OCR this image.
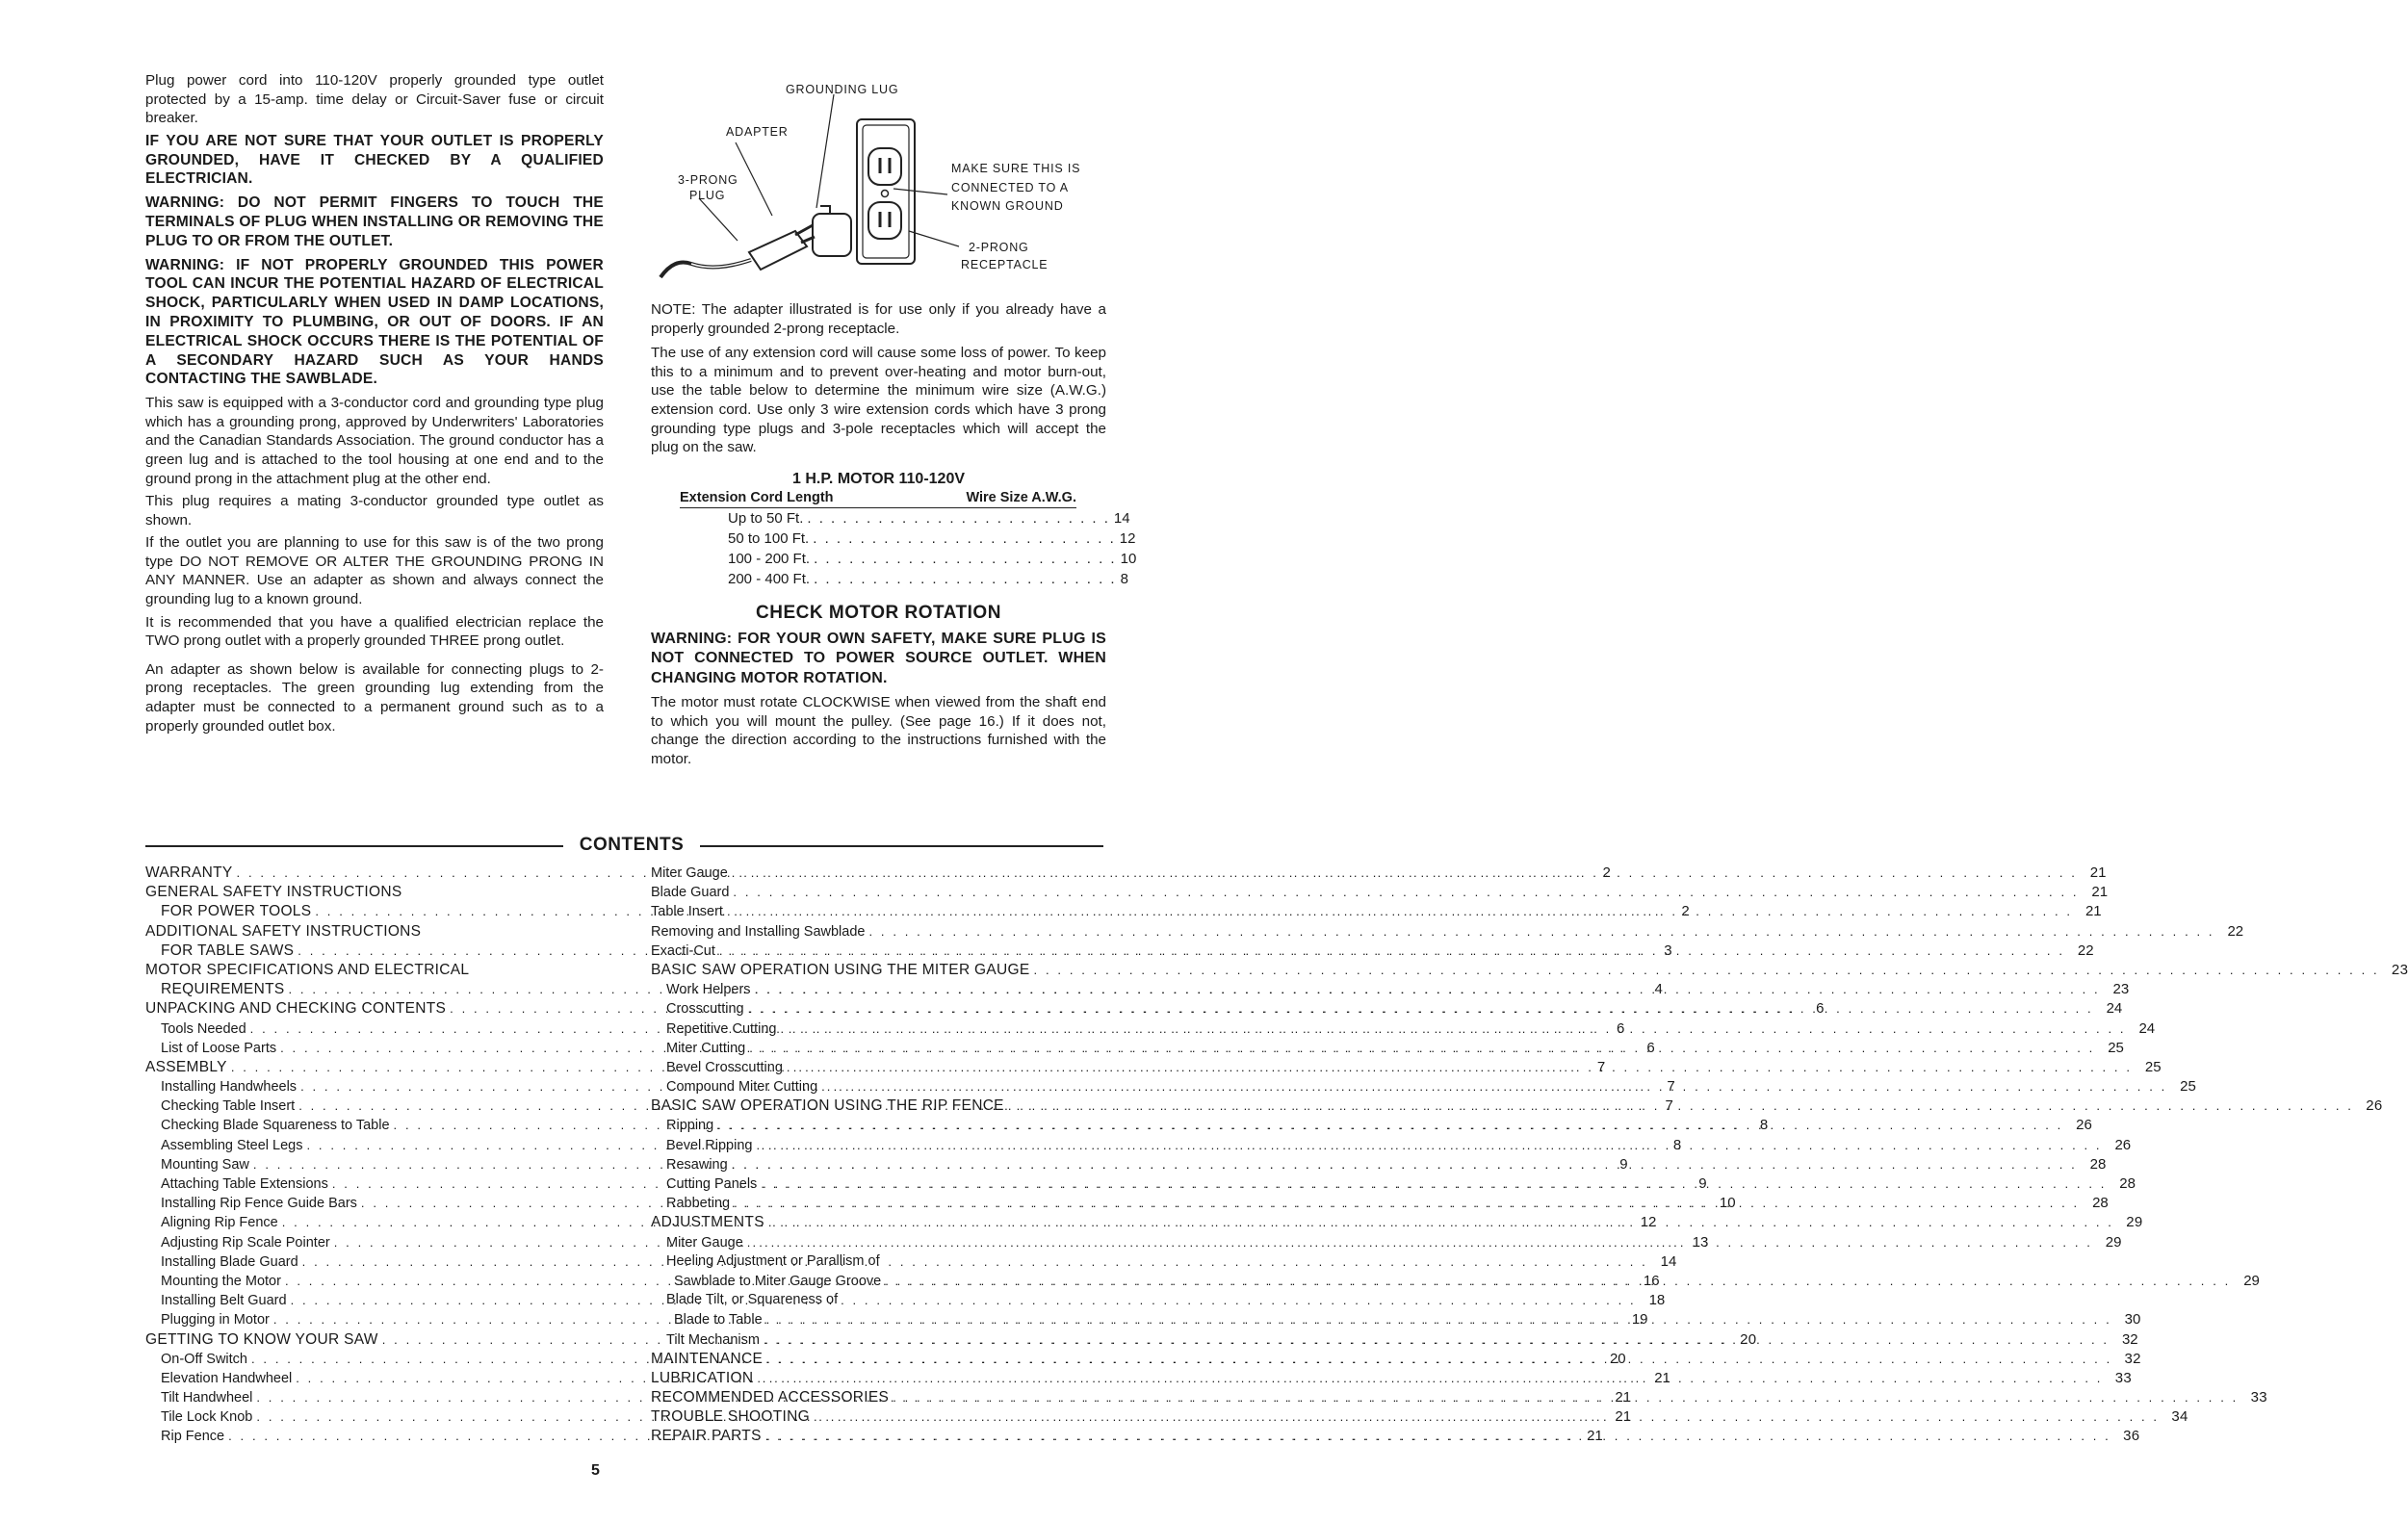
Plug power cord into 110-120V properly grounded type outlet protected by a 15-amp. time delay or Circuit-Saver fuse or circuit breaker.

IF YOU ARE NOT SURE THAT YOUR OUTLET IS PROPERLY GROUNDED, HAVE IT CHECKED BY A QUALIFIED ELECTRICIAN.

WARNING: DO NOT PERMIT FINGERS TO TOUCH THE TERMINALS OF PLUG WHEN INSTALLING OR REMOVING THE PLUG TO OR FROM THE OUTLET.

WARNING: IF NOT PROPERLY GROUNDED THIS POWER TOOL CAN INCUR THE POTENTIAL HAZARD OF ELECTRICAL SHOCK, PARTICULARLY WHEN USED IN DAMP LOCATIONS, IN PROXIMITY TO PLUMBING, OR OUT OF DOORS. IF AN ELECTRICAL SHOCK OCCURS THERE IS THE POTENTIAL OF A SECONDARY HAZARD SUCH AS YOUR HANDS CONTACTING THE SAWBLADE.

This saw is equipped with a 3-conductor cord and grounding type plug which has a grounding prong, approved by Underwriters' Laboratories and the Canadian Standards Association. The ground conductor has a green lug and is attached to the tool housing at one end and to the ground prong in the attachment plug at the other end.

This plug requires a mating 3-conductor grounded type outlet as shown.

If the outlet you are planning to use for this saw is of the two prong type DO NOT REMOVE OR ALTER THE GROUNDING PRONG IN ANY MANNER. Use an adapter as shown and always connect the grounding lug to a known ground.

It is recommended that you have a qualified electrician replace the TWO prong outlet with a properly grounded THREE prong outlet.

An adapter as shown below is available for connecting plugs to 2-prong receptacles. The green grounding lug extending from the adapter must be connected to a permanent ground such as to a properly grounded outlet box.

GROUNDING LUG
ADAPTER
3-PRONG
PLUG
MAKE SURE THIS IS
CONNECTED TO A
KNOWN GROUND
2-PRONG
RECEPTACLE

NOTE: The adapter illustrated is for use only if you already have a properly grounded 2-prong receptacle.

The use of any extension cord will cause some loss of power. To keep this to a minimum and to prevent over-heating and motor burn-out, use the table below to determine the minimum wire size (A.W.G.) extension cord. Use only 3 wire extension cords which have 3 prong grounding type plugs and 3-pole receptacles which will accept the plug on the saw.

1 H.P. MOTOR 110-120V
Extension Cord Length	Wire Size A.W.G.
Up to 50 Ft. . . . . . . . . . . . . . . . . . . . . . . . . . . 14
50 to 100 Ft. . . . . . . . . . . . . . . . . . . . . . . . . . . 12
100 - 200 Ft. . . . . . . . . . . . . . . . . . . . . . . . . . . 10
200 - 400 Ft. . . . . . . . . . . . . . . . . . . . . . . . . . . 8
CHECK MOTOR ROTATION

WARNING: FOR YOUR OWN SAFETY, MAKE SURE PLUG IS NOT CONNECTED TO POWER SOURCE OUTLET. WHEN CHANGING MOTOR ROTATION.

The motor must rotate CLOCKWISE when viewed from the shaft end to which you will mount the pulley. (See page 16.) If it does not, change the direction according to the instructions furnished with the motor.

CONTENTS
WARRANTY . . .	2
GENERAL SAFETY INSTRUCTIONS
FOR POWER TOOLS . . .	2
ADDITIONAL SAFETY INSTRUCTIONS
FOR TABLE SAWS . . .	3
MOTOR SPECIFICATIONS AND ELECTRICAL
REQUIREMENTS . . .	4
UNPACKING AND CHECKING CONTENTS . . .	6
Tools Needed . . .	6
List of Loose Parts . . .	6
ASSEMBLY . . .	7
Installing Handwheels . . .	7
Checking Table Insert . . .	7
Checking Blade Squareness to Table . . .	8
Assembling Steel Legs . . .	8
Mounting Saw . . .	9
Attaching Table Extensions . . .	9
Installing Rip Fence Guide Bars . . .	10
Aligning Rip Fence . . .	12
Adjusting Rip Scale Pointer . . .	13
Installing Blade Guard . . .	14
Mounting the Motor . . .	16
Installing Belt Guard . . .	18
Plugging in Motor . . .	19
GETTING TO KNOW YOUR SAW . . .	20
On-Off Switch . . .	20
Elevation Handwheel . . .	21
Tilt Handwheel . . .	21
Tile Lock Knob . . .	21
Rip Fence . . .	21
Miter Gauge . . .	21
Blade Guard . . .	21
Table Insert . . .	21
Removing and Installing Sawblade . . .	22
Exacti-Cut . . .	22
BASIC SAW OPERATION USING THE MITER GAUGE . . .	23
Work Helpers . . .	23
Crosscutting . . .	24
Repetitive Cutting . . .	24
Miter Cutting . . .	25
Bevel Crosscutting . . .	25
Compound Miter Cutting . . .	25
BASIC SAW OPERATION USING THE RIP FENCE . . .	26
Ripping . . .	26
Bevel Ripping . . .	26
Resawing . . .	28
Cutting Panels . . .	28
Rabbeting . . .	28
ADJUSTMENTS . . .	29
Miter Gauge . . .	29
Heeling Adjustment or Parallism of
Sawblade to Miter Gauge Groove . . .	29
Blade Tilt, or Squareness of
Blade to Table . . .	30
Tilt Mechanism . . .	32
MAINTENANCE . . .	32
LUBRICATION . . .	33
RECOMMENDED ACCESSORIES . . .	33
TROUBLE SHOOTING . . .	34
REPAIR PARTS . . .	36
5
